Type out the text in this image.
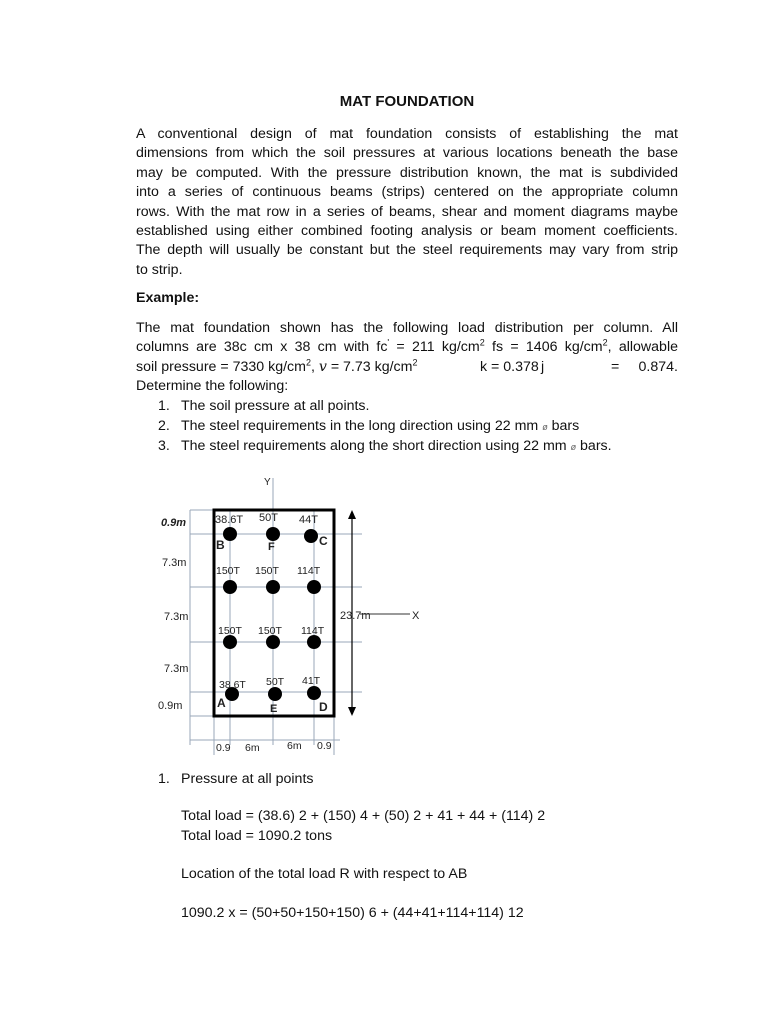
MAT FOUNDATION
A conventional design of mat foundation consists of establishing the mat
dimensions from which the soil pressures at various locations beneath the base
may be computed. With the pressure distribution known, the mat is subdivided
into a series of continuous beams (strips) centered on the appropriate column
rows. With the mat row in a series of beams, shear and moment diagrams maybe
established using either combined footing analysis or beam moment coefficients.
The depth will usually be constant but the steel requirements may vary from strip
to strip.
Example:
The mat foundation shown has the following load distribution per column. All
columns are 38c cm x 38 cm with fc' = 211 $kg/cm^2$ fs = 1406 $kg/cm^2$, allowable
soil pressure = 7330 $kg/cm^2$, v = 7.73 $kg/cm^2$	k = 0.378 j	= 0.874.
Determine the following:
1. The soil pressure at all points.
2. The steel requirements in the long direction using 22 mm ø bars
3. The steel requirements along the short direction using 22 mm ø bars.
Y
X
0.9m
7.3m
7.3m
7.3m
0.9m
23.7m
0.9 6m	6m 0.9
38.6T 50T 44T
150T 150T 114T
150T 150T 114T
38.6T 50T 41T
B	F	C
A	E	D
1. Pressure at all points
Total load = (38.6) 2 + (150) 4 + (50) 2 + 41 + 44 + (114) 2
Total load = 1090.2 tons
Location of the total load R with respect to AB
1090.2 x = (50+50+150+150) 6 + (44+41+114+114) 12
